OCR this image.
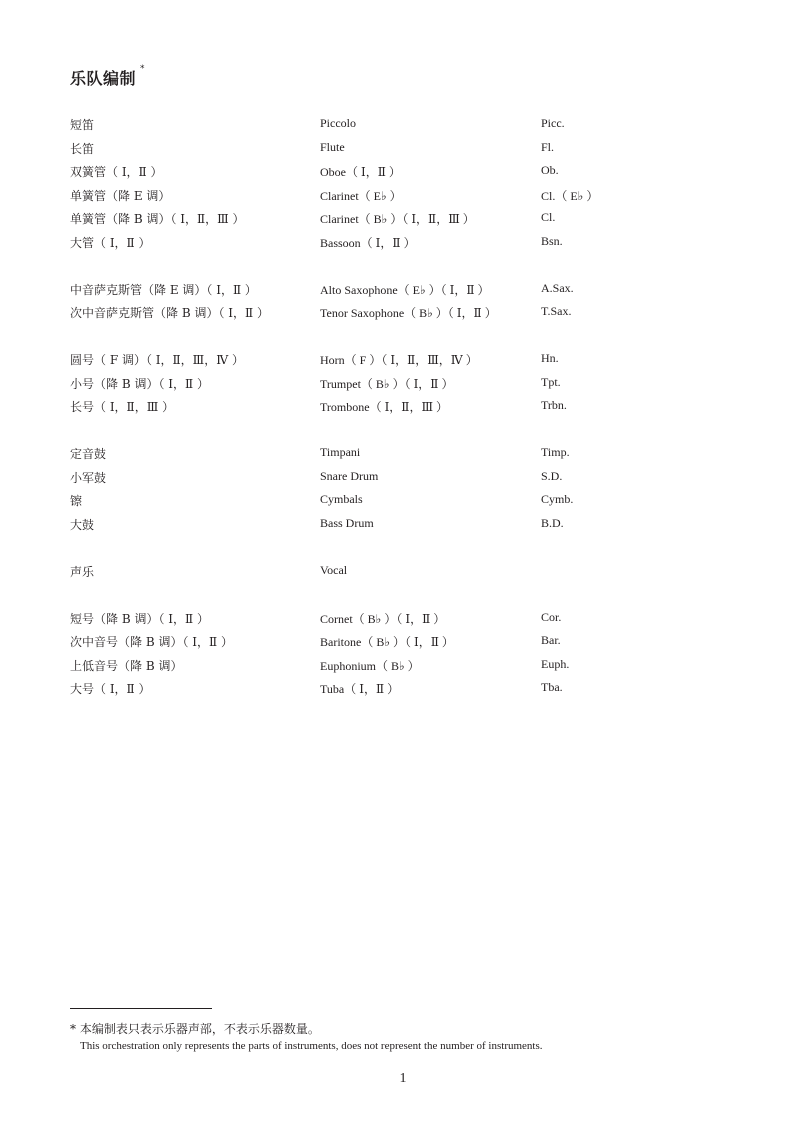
乐队编制 *
短笛	Piccolo	Picc.
长笛	Flute	Fl.
双簧管（ Ⅰ，Ⅱ ）	Oboe（ Ⅰ，Ⅱ ）	Ob.
单簧管（降 E 调）	Clarinet（ E♭ ）	Cl.（ E♭ ）
单簧管（降 B 调）（ Ⅰ，Ⅱ，Ⅲ ）	Clarinet（ B♭ ）（ Ⅰ，Ⅱ，Ⅲ ）	Cl.
大管（ Ⅰ，Ⅱ ）	Bassoon（ Ⅰ，Ⅱ ）	Bsn.
中音萨克斯管（降 E 调）（ Ⅰ，Ⅱ ）	Alto Saxophone（ E♭ ）（ Ⅰ，Ⅱ ）	A.Sax.
次中音萨克斯管（降 B 调）（ Ⅰ，Ⅱ ）	Tenor Saxophone（ B♭ ）（ Ⅰ，Ⅱ ）	T.Sax.
圆号（ F 调）（ Ⅰ，Ⅱ，Ⅲ，Ⅳ ）	Horn（ F ）（ Ⅰ，Ⅱ，Ⅲ，Ⅳ ）	Hn.
小号（降 B 调）（ Ⅰ，Ⅱ ）	Trumpet（ B♭ ）（ Ⅰ，Ⅱ ）	Tpt.
长号（ Ⅰ，Ⅱ，Ⅲ ）	Trombone（ Ⅰ，Ⅱ，Ⅲ ）	Trbn.
定音鼓	Timpani	Timp.
小军鼓	Snare Drum	S.D.
镲	Cymbals	Cymb.
大鼓	Bass Drum	B.D.
声乐	Vocal
短号（降 B 调）（ Ⅰ，Ⅱ ）	Cornet（ B♭ ）（ Ⅰ，Ⅱ ）	Cor.
次中音号（降 B 调）（ Ⅰ，Ⅱ ）	Baritone（ B♭ ）（ Ⅰ，Ⅱ ）	Bar.
上低音号（降 B 调）	Euphonium（ B♭ ）	Euph.
大号（ Ⅰ，Ⅱ ）	Tuba（ Ⅰ，Ⅱ ）	Tba.
* 本编制表只表示乐器声部，不表示乐器数量。
This orchestration only represents the parts of instruments, does not represent the number of instruments.
1
